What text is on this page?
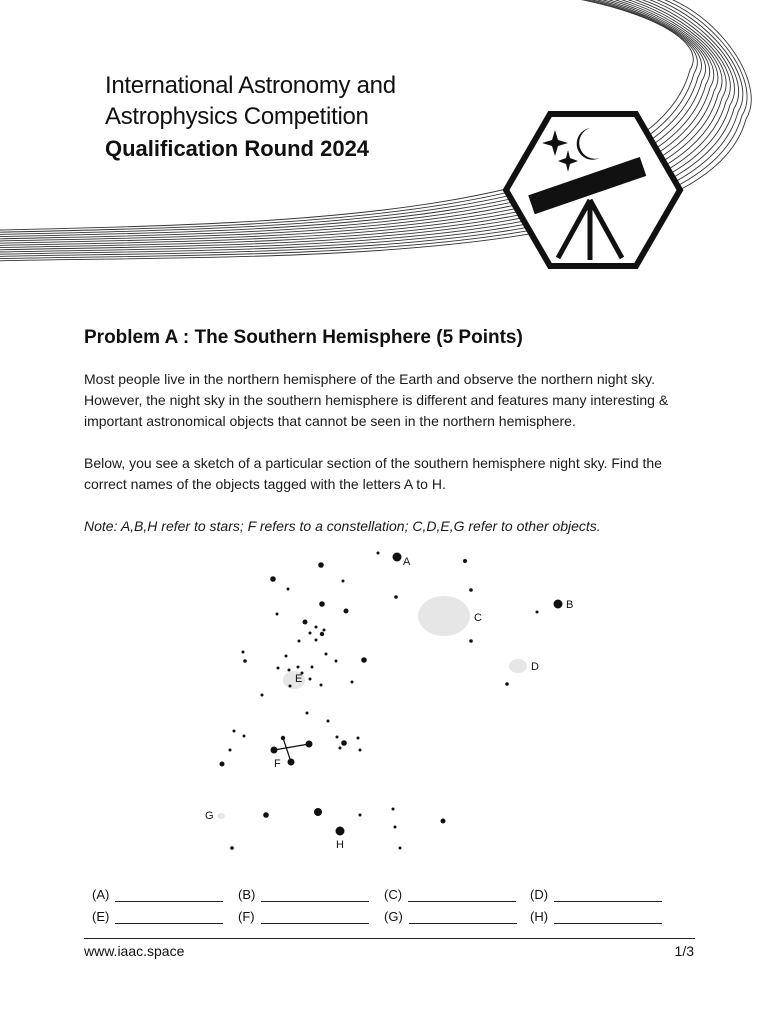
International Astronomy and
Astrophysics Competition
Qualification Round 2024
Problem A : The Southern Hemisphere (5 Points)
Most people live in the northern hemisphere of the Earth and observe the northern night sky. However, the night sky in the southern hemisphere is different and features many interesting & important astronomical objects that cannot be seen in the northern hemisphere.
Below, you see a sketch of a particular section of the southern hemisphere night sky. Find the correct names of the objects tagged with the letters A to H.
Note: A,B,H refer to stars; F refers to a constellation; C,D,E,G refer to other objects.
A
B
C
D
E
F
G
H
(A)	(B)	(C)	(D)
(E)	(F)	(G)	(H)
www.iaac.space	1/3
